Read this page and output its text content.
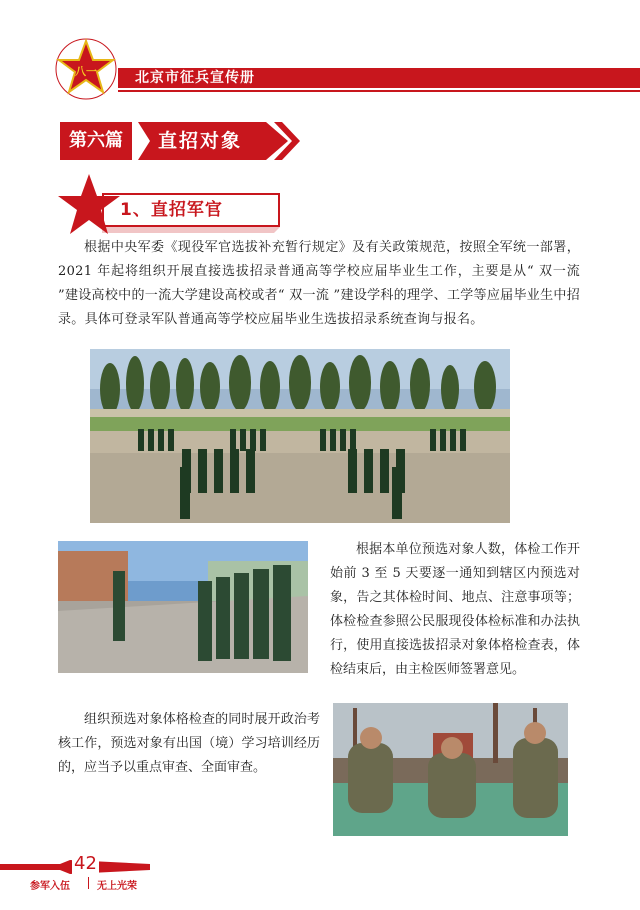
北京市征兵宣传册
八一
第六篇	直招对象
1、直招军官
根据中央军委《现役军官选拔补充暂行规定》及有关政策规范，按照全军统一部署，2021 年起将组织开展直接选拔招录普通高等学校应届毕业生工作，主要是从“ 双一流 ”建设高校中的一流大学建设高校或者“ 双一流 ”建设学科的理学、工学等应届毕业生中招录。具体可登录军队普通高等学校应届毕业生选拔招录系统查询与报名。
根据本单位预选对象人数，体检工作开始前 3 至 5 天要逐一通知到辖区内预选对象，告之其体检时间、地点、注意事项等；体检检查参照公民服现役体检标准和办法执行，使用直接选拔招录对象体格检查表，体检结束后，由主检医师签署意见。
组织预选对象体格检查的同时展开政治考核工作，预选对象有出国（境）学习培训经历的，应当予以重点审查、全面审查。
42
参军入伍	无上光荣
